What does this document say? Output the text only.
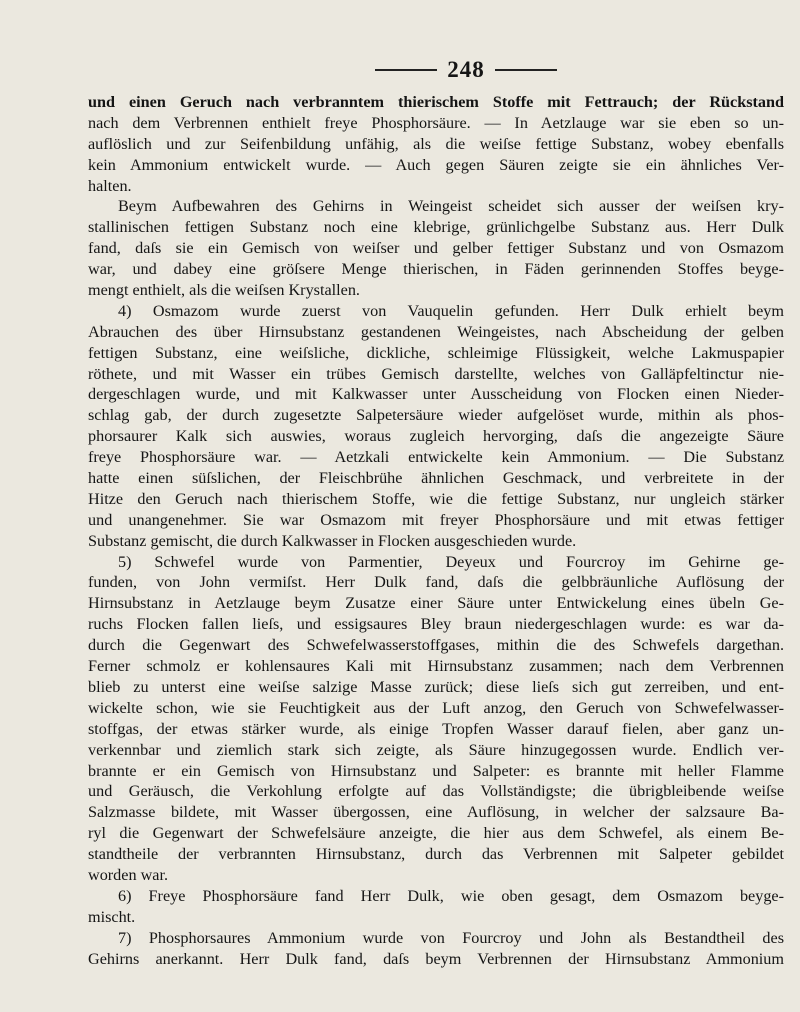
248
und einen Geruch nach verbranntem thierischem Stoffe mit Fettrauch; der Rückstand
nach dem Verbrennen enthielt freye Phosphorsäure. — In Aetzlauge war sie eben so un-
auflöslich und zur Seifenbildung unfähig, als die weiſse fettige Substanz, wobey ebenfalls
kein Ammonium entwickelt wurde. — Auch gegen Säuren zeigte sie ein ähnliches Ver-
halten.
Beym Aufbewahren des Gehirns in Weingeist scheidet sich ausser der weiſsen kry-
stallinischen fettigen Substanz noch eine klebrige, grünlichgelbe Substanz aus. Herr Dulk
fand, daſs sie ein Gemisch von weiſser und gelber fettiger Substanz und von Osmazom
war, und dabey eine gröſsere Menge thierischen, in Fäden gerinnenden Stoffes beyge-
mengt enthielt, als die weiſsen Krystallen.
4) Osmazom wurde zuerst von Vauquelin gefunden. Herr Dulk erhielt beym
Abrauchen des über Hirnsubstanz gestandenen Weingeistes, nach Abscheidung der gelben
fettigen Substanz, eine weiſsliche, dickliche, schleimige Flüssigkeit, welche Lakmuspapier
röthete, und mit Wasser ein trübes Gemisch darstellte, welches von Galläpfeltinctur nie-
dergeschlagen wurde, und mit Kalkwasser unter Ausscheidung von Flocken einen Nieder-
schlag gab, der durch zugesetzte Salpetersäure wieder aufgelöset wurde, mithin als phos-
phorsaurer Kalk sich auswies, woraus zugleich hervorging, daſs die angezeigte Säure
freye Phosphorsäure war. — Aetzkali entwickelte kein Ammonium. — Die Substanz
hatte einen süſslichen, der Fleischbrühe ähnlichen Geschmack, und verbreitete in der
Hitze den Geruch nach thierischem Stoffe, wie die fettige Substanz, nur ungleich stärker
und unangenehmer. Sie war Osmazom mit freyer Phosphorsäure und mit etwas fettiger
Substanz gemischt, die durch Kalkwasser in Flocken ausgeschieden wurde.
5) Schwefel wurde von Parmentier, Deyeux und Fourcroy im Gehirne ge-
funden, von John vermiſst. Herr Dulk fand, daſs die gelbbräunliche Auflösung der
Hirnsubstanz in Aetzlauge beym Zusatze einer Säure unter Entwickelung eines übeln Ge-
ruchs Flocken fallen lieſs, und essigsaures Bley braun niedergeschlagen wurde: es war da-
durch die Gegenwart des Schwefelwasserstoffgases, mithin die des Schwefels dargethan.
Ferner schmolz er kohlensaures Kali mit Hirnsubstanz zusammen; nach dem Verbrennen
blieb zu unterst eine weiſse salzige Masse zurück; diese lieſs sich gut zerreiben, und ent-
wickelte schon, wie sie Feuchtigkeit aus der Luft anzog, den Geruch von Schwefelwasser-
stoffgas, der etwas stärker wurde, als einige Tropfen Wasser darauf fielen, aber ganz un-
verkennbar und ziemlich stark sich zeigte, als Säure hinzugegossen wurde. Endlich ver-
brannte er ein Gemisch von Hirnsubstanz und Salpeter: es brannte mit heller Flamme
und Geräusch, die Verkohlung erfolgte auf das Vollständigste; die übrigbleibende weiſse
Salzmasse bildete, mit Wasser übergossen, eine Auflösung, in welcher der salzsaure Ba-
ryl die Gegenwart der Schwefelsäure anzeigte, die hier aus dem Schwefel, als einem Be-
standtheile der verbrannten Hirnsubstanz, durch das Verbrennen mit Salpeter gebildet
worden war.
6) Freye Phosphorsäure fand Herr Dulk, wie oben gesagt, dem Osmazom beyge-
mischt.
7) Phosphorsaures Ammonium wurde von Fourcroy und John als Bestandtheil des
Gehirns anerkannt. Herr Dulk fand, daſs beym Verbrennen der Hirnsubstanz Ammonium
